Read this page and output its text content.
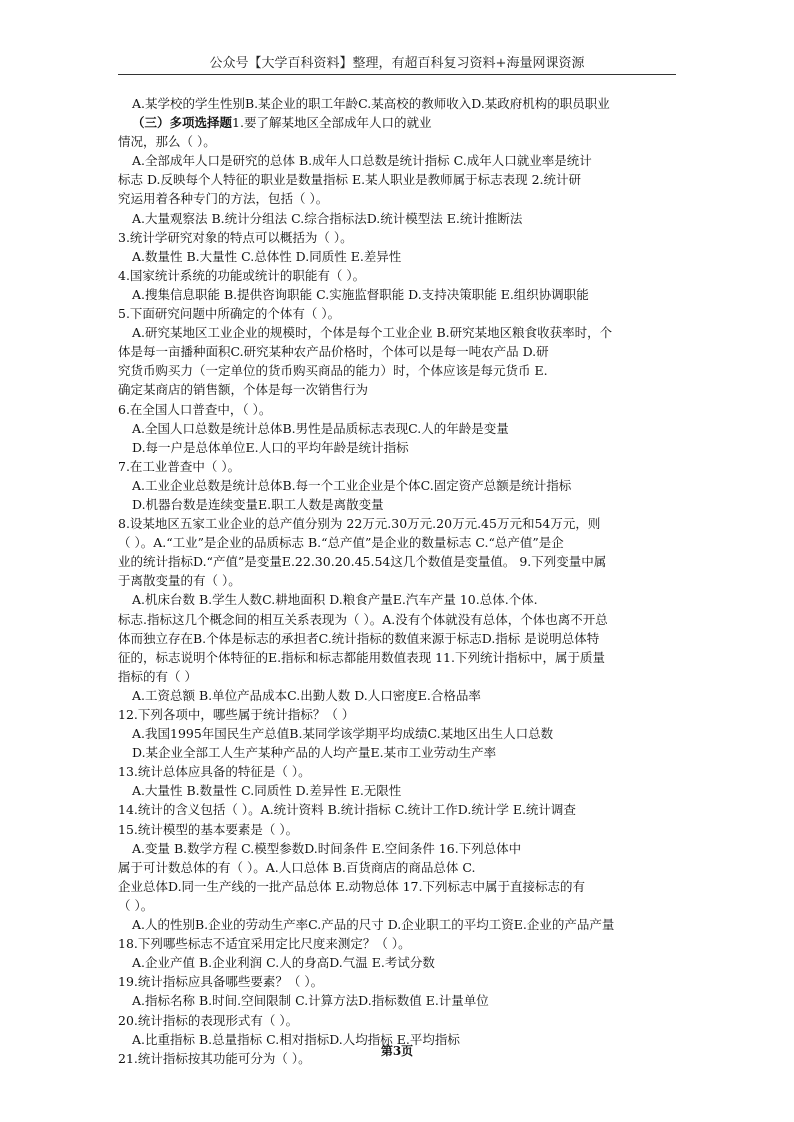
公众号【大学百科资料】整理，有超百科复习资料+海量网课资源
A.某学校的学生性别B.某企业的职工年龄C.某高校的教师收入D.某政府机构的职员职业
（三）多项选择题1.要了解某地区全部成年人口的就业
情况，那么（ ）。
A.全部成年人口是研究的总体 B.成年人口总数是统计指标 C.成年人口就业率是统计
标志 D.反映每个人特征的职业是数量指标 E.某人职业是教师属于标志表现 2.统计研
究运用着各种专门的方法，包括（ ）。
A.大量观察法 B.统计分组法 C.综合指标法D.统计模型法 E.统计推断法
3.统计学研究对象的特点可以概括为（ ）。
A.数量性 B.大量性 C.总体性 D.同质性 E.差异性
4.国家统计系统的功能或统计的职能有（ ）。
A.搜集信息职能 B.提供咨询职能 C.实施监督职能 D.支持决策职能 E.组织协调职能
5.下面研究问题中所确定的个体有（ ）。
A.研究某地区工业企业的规模时，个体是每个工业企业 B.研究某地区粮食收获率时，个
体是每一亩播种面积C.研究某种农产品价格时，个体可以是每一吨农产品 D.研
究货币购买力（一定单位的货币购买商品的能力）时，个体应该是每元货币 E.
确定某商店的销售额，个体是每一次销售行为
6.在全国人口普查中，（ ）。
A.全国人口总数是统计总体B.男性是品质标志表现C.人的年龄是变量
D.每一户是总体单位E.人口的平均年龄是统计指标
7.在工业普查中（ ）。
A.工业企业总数是统计总体B.每一个工业企业是个体C.固定资产总额是统计指标
D.机器台数是连续变量E.职工人数是离散变量
8.设某地区五家工业企业的总产值分别为 22万元.30万元.20万元.45万元和54万元，则
（ ）。A.“工业”是企业的品质标志 B.“总产值”是企业的数量标志 C.“总产值”是企
业的统计指标D.“产值”是变量E.22.30.20.45.54这几个数值是变量值。 9.下列变量中属
于离散变量的有（ ）。
A.机床台数 B.学生人数C.耕地面积 D.粮食产量E.汽车产量 10.总体.个体.
标志.指标这几个概念间的相互关系表现为（ ）。A.没有个体就没有总体，个体也离不开总
体而独立存在B.个体是标志的承担者C.统计指标的数值来源于标志D.指标 是说明总体特
征的，标志说明个体特征的E.指标和标志都能用数值表现 11.下列统计指标中，属于质量
指标的有（ ）
A.工资总额 B.单位产品成本C.出勤人数 D.人口密度E.合格品率
12.下列各项中，哪些属于统计指标？（ ）
A.我国1995年国民生产总值B.某同学该学期平均成绩C.某地区出生人口总数
D.某企业全部工人生产某种产品的人均产量E.某市工业劳动生产率
13.统计总体应具备的特征是（ ）。
A.大量性 B.数量性 C.同质性 D.差异性 E.无限性
14.统计的含义包括（ ）。A.统计资料 B.统计指标 C.统计工作D.统计学 E.统计调查
15.统计模型的基本要素是（ ）。
A.变量 B.数学方程 C.模型参数D.时间条件 E.空间条件 16.下列总体中
属于可计数总体的有（ ）。A.人口总体 B.百货商店的商品总体 C.
企业总体D.同一生产线的一批产品总体 E.动物总体 17.下列标志中属于直接标志的有
（ ）。
A.人的性别B.企业的劳动生产率C.产品的尺寸 D.企业职工的平均工资E.企业的产品产量
18.下列哪些标志不适宜采用定比尺度来测定？（ ）。
A.企业产值 B.企业利润 C.人的身高D.气温 E.考试分数
19.统计指标应具备哪些要素？（ ）。
A.指标名称 B.时间.空间限制 C.计算方法D.指标数值 E.计量单位
20.统计指标的表现形式有（ ）。
A.比重指标 B.总量指标 C.相对指标D.人均指标 E.平均指标
21.统计指标按其功能可分为（ ）。	第3页
